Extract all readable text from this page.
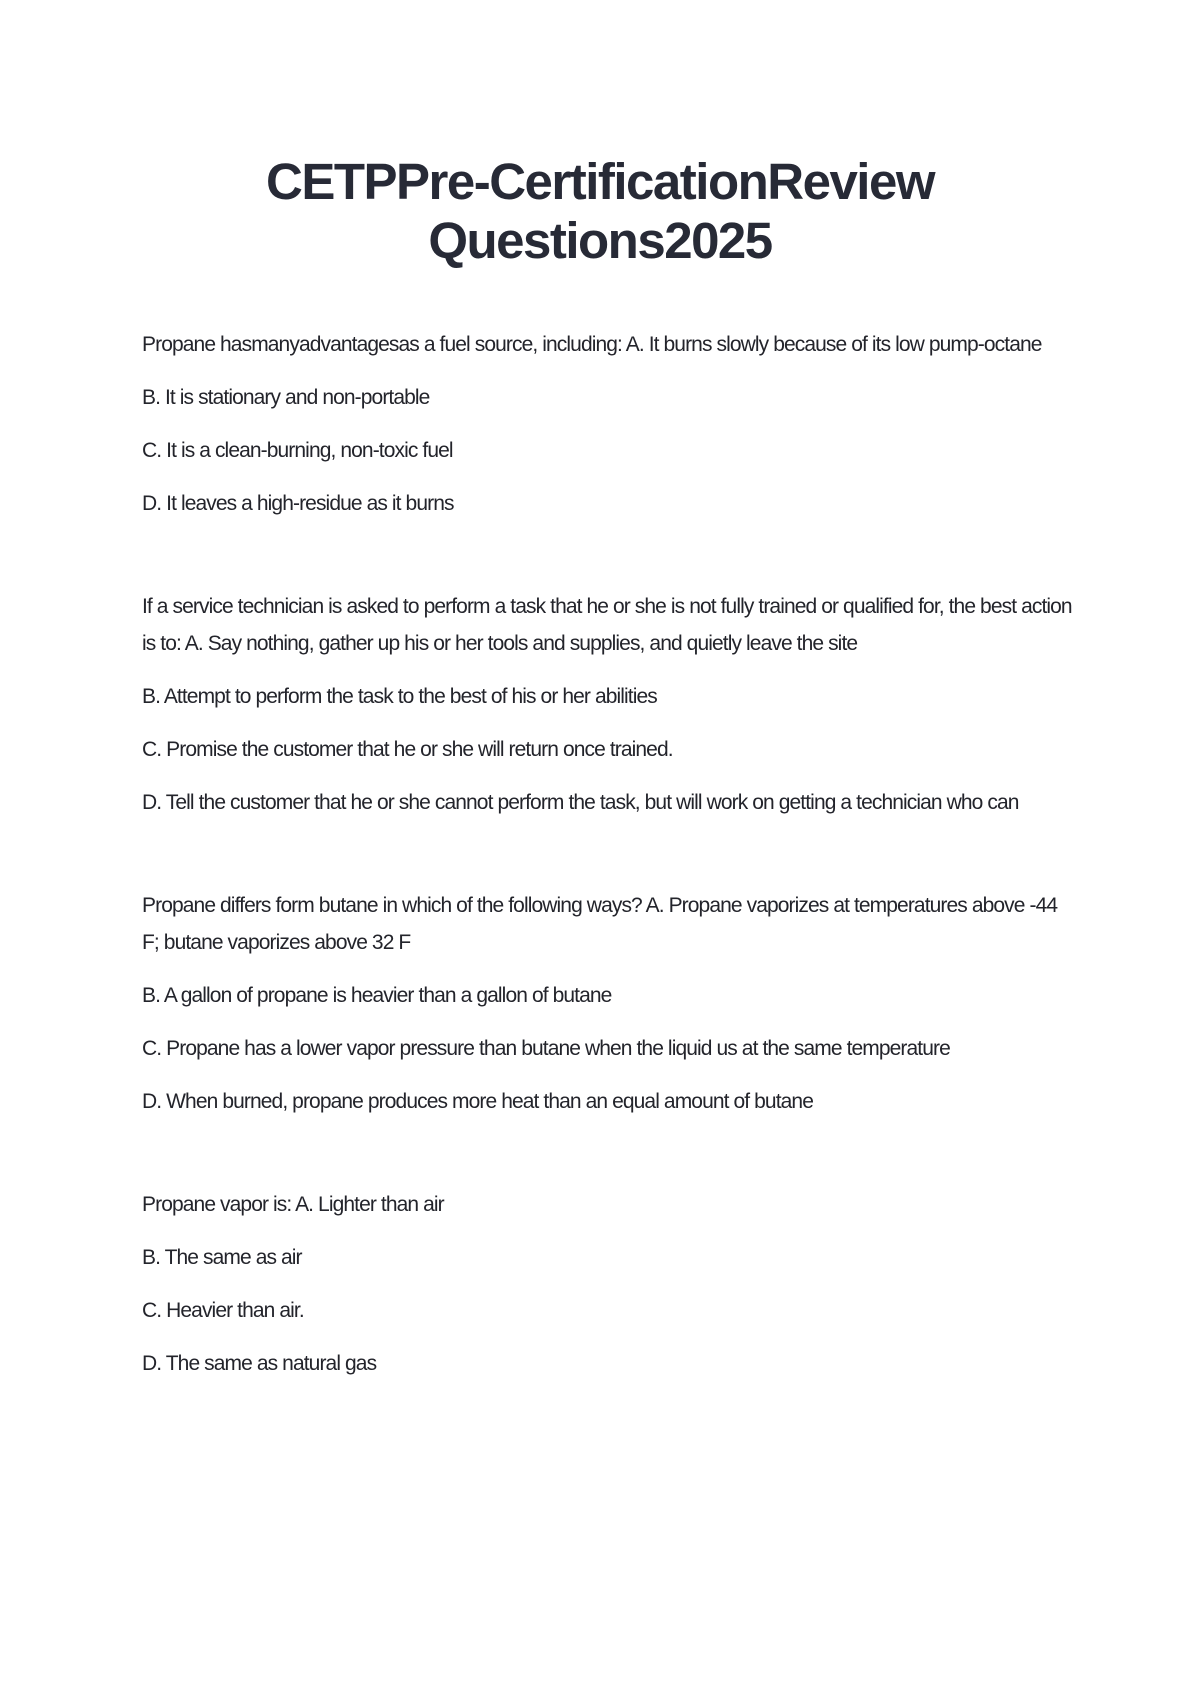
CETPPre-CertificationReview
Questions2025

Propane hasmanyadvantagesas a fuel source, including: A. It burns slowly because of its low pump-octane

B. It is stationary and non-portable

C. It is a clean-burning, non-toxic fuel

D. It leaves a high-residue as it burns

If a service technician is asked to perform a task that he or she is not fully trained or qualified for, the best action is to: A. Say nothing, gather up his or her tools and supplies, and quietly leave the site

B. Attempt to perform the task to the best of his or her abilities

C. Promise the customer that he or she will return once trained.

D. Tell the customer that he or she cannot perform the task, but will work on getting a technician who can

Propane differs form butane in which of the following ways? A. Propane vaporizes at temperatures above -44 F; butane vaporizes above 32 F

B. A gallon of propane is heavier than a gallon of butane

C. Propane has a lower vapor pressure than butane when the liquid us at the same temperature

D. When burned, propane produces more heat than an equal amount of butane

Propane vapor is: A. Lighter than air

B. The same as air

C. Heavier than air.

D. The same as natural gas
